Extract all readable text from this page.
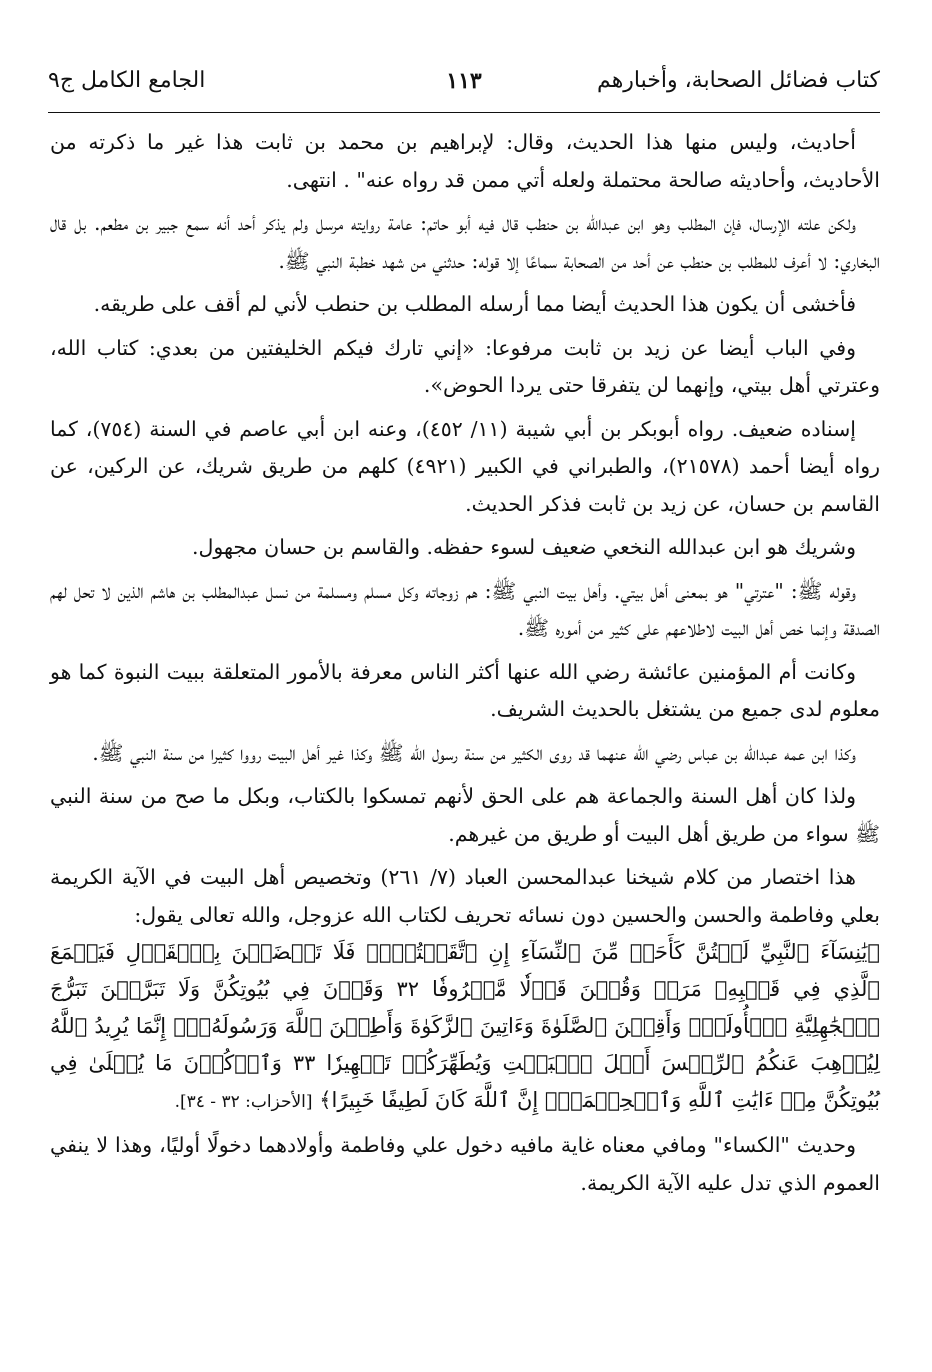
كتاب فضائل الصحابة، وأخبارهم
١١٣
الجامع الكامل ج٩

أحاديث، وليس منها هذا الحديث، وقال: لإبراهيم بن محمد بن ثابت هذا غير ما ذكرته من الأحاديث، وأحاديثه صالحة محتملة ولعله أتي ممن قد رواه عنه" . انتهى.

ولكن علته الإرسال، فإن المطلب وهو ابن عبدالله بن حنطب قال فيه أبو حاتم: عامة روايته مرسل ولم يذكر أحد أنه سمع جبير بن مطعم. بل قال البخاري: لا أعرف للمطلب بن حنطب عن أحد من الصحابة سماعًا إلا قوله: حدثني من شهد خطبة النبي ﷺ.

فأخشى أن يكون هذا الحديث أيضا مما أرسله المطلب بن حنطب لأني لم أقف على طريقه.

وفي الباب أيضا عن زيد بن ثابت مرفوعا: «إني تارك فيكم الخليفتين من بعدي: كتاب الله، وعترتي أهل بيتي، وإنهما لن يتفرقا حتى يردا الحوض».

إسناده ضعيف. رواه أبوبكر بن أبي شيبة (١١/ ٤٥٢)، وعنه ابن أبي عاصم في السنة (٧٥٤)، كما رواه أيضا أحمد (٢١٥٧٨)، والطبراني في الكبير (٤٩٢١) كلهم من طريق شريك، عن الركين، عن القاسم بن حسان، عن زيد بن ثابت فذكر الحديث.

وشريك هو ابن عبدالله النخعي ضعيف لسوء حفظه. والقاسم بن حسان مجهول.

وقوله ﷺ: "عترتي" هو بمعنى أهل بيتي. وأهل بيت النبي ﷺ: هم زوجاته وكل مسلم ومسلمة من نسل عبدالمطلب بن هاشم الذين لا تحل لهم الصدقة وإنما خص أهل البيت لاطلاعهم على كثير من أموره ﷺ.

وكانت أم المؤمنين عائشة رضي الله عنها أكثر الناس معرفة بالأمور المتعلقة ببيت النبوة كما هو معلوم لدى جميع من يشتغل بالحديث الشريف.

وكذا ابن عمه عبدالله بن عباس رضي الله عنهما قد روى الكثير من سنة رسول الله ﷺ وكذا غير أهل البيت رووا كثيرا من سنة النبي ﷺ.

ولذا كان أهل السنة والجماعة هم على الحق لأنهم تمسكوا بالكتاب، وبكل ما صح من سنة النبي ﷺ سواء من طريق أهل البيت أو طريق من غيرهم.

هذا اختصار من كلام شيخنا عبدالمحسن العباد (٧/ ٢٦١) وتخصيص أهل البيت في الآية الكريمة بعلي وفاطمة والحسن والحسين دون نسائه تحريف لكتاب الله عزوجل، والله تعالى يقول:

﴿يَٰنِسَآءَ ٱلنَّبِيِّ لَسۡتُنَّ كَأَحَدٖ مِّنَ ٱلنِّسَآءِ إِنِ ٱتَّقَيۡتُنَّۚ فَلَا تَخۡضَعۡنَ بِٱلۡقَوۡلِ فَيَطۡمَعَ ٱلَّذِي فِي قَلۡبِهِۦ مَرَضٞ وَقُلۡنَ قَوۡلٗا مَّعۡرُوفٗا ٣٢ وَقَرۡنَ فِي بُيُوتِكُنَّ وَلَا تَبَرَّجۡنَ تَبَرُّجَ ٱلۡجَٰهِلِيَّةِ ٱلۡأُولَىٰۖ وَأَقِمۡنَ ٱلصَّلَوٰةَ وَءَاتِينَ ٱلزَّكَوٰةَ وَأَطِعۡنَ ٱللَّهَ وَرَسُولَهُۥٓۚ إِنَّمَا يُرِيدُ ٱللَّهُ لِيُذۡهِبَ عَنكُمُ ٱلرِّجۡسَ أَهۡلَ ٱلۡبَيۡتِ وَيُطَهِّرَكُمۡ تَطۡهِيرٗا ٣٣ وَٱذۡكُرۡنَ مَا يُتۡلَىٰ فِي بُيُوتِكُنَّ مِنۡ ءَايَٰتِ ٱللَّهِ وَٱلۡحِكۡمَةِۚ إِنَّ ٱللَّهَ كَانَ لَطِيفًا خَبِيرًا﴾ [الأحزاب: ٣٢ - ٣٤].

وحديث "الكساء" ومافي معناه غاية مافيه دخول علي وفاطمة وأولادهما دخولًا أوليًا، وهذا لا ينفي العموم الذي تدل عليه الآية الكريمة.
